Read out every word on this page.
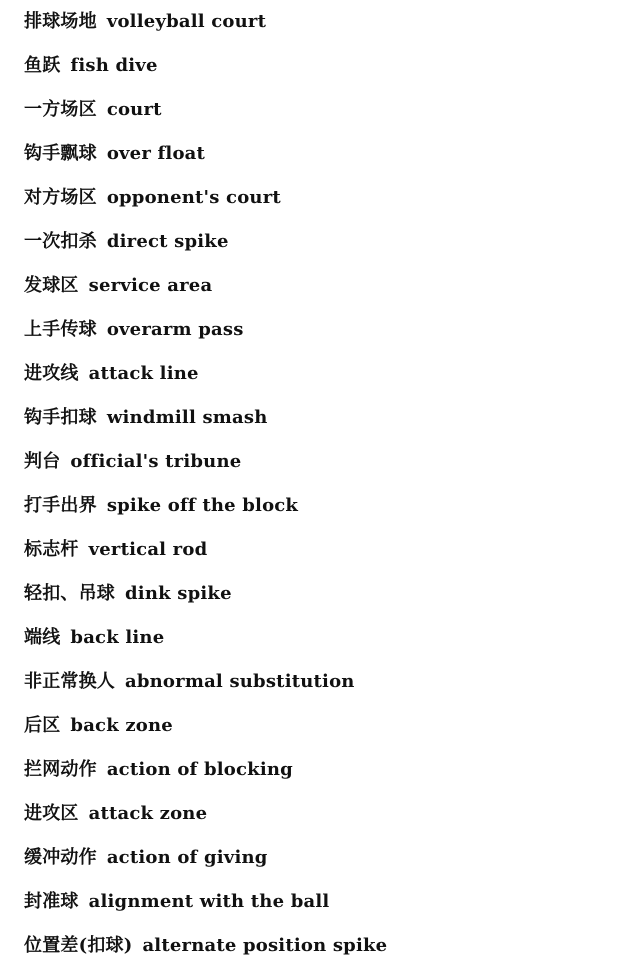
排球场地 volleyball court
鱼跃 fish dive
一方场区 court
钩手飘球 over float
对方场区 opponent's court
一次扣杀 direct spike
发球区 service area
上手传球 overarm pass
进攻线 attack line
钩手扣球 windmill smash
判台 official's tribune
打手出界 spike off the block
标志杆 vertical rod
轻扣、吊球 dink spike
端线 back line
非正常换人 abnormal substitution
后区 back zone
拦网动作 action of blocking
进攻区 attack zone
缓冲动作 action of giving
封准球 alignment with the ball
位置差(扣球) alternate position spike
